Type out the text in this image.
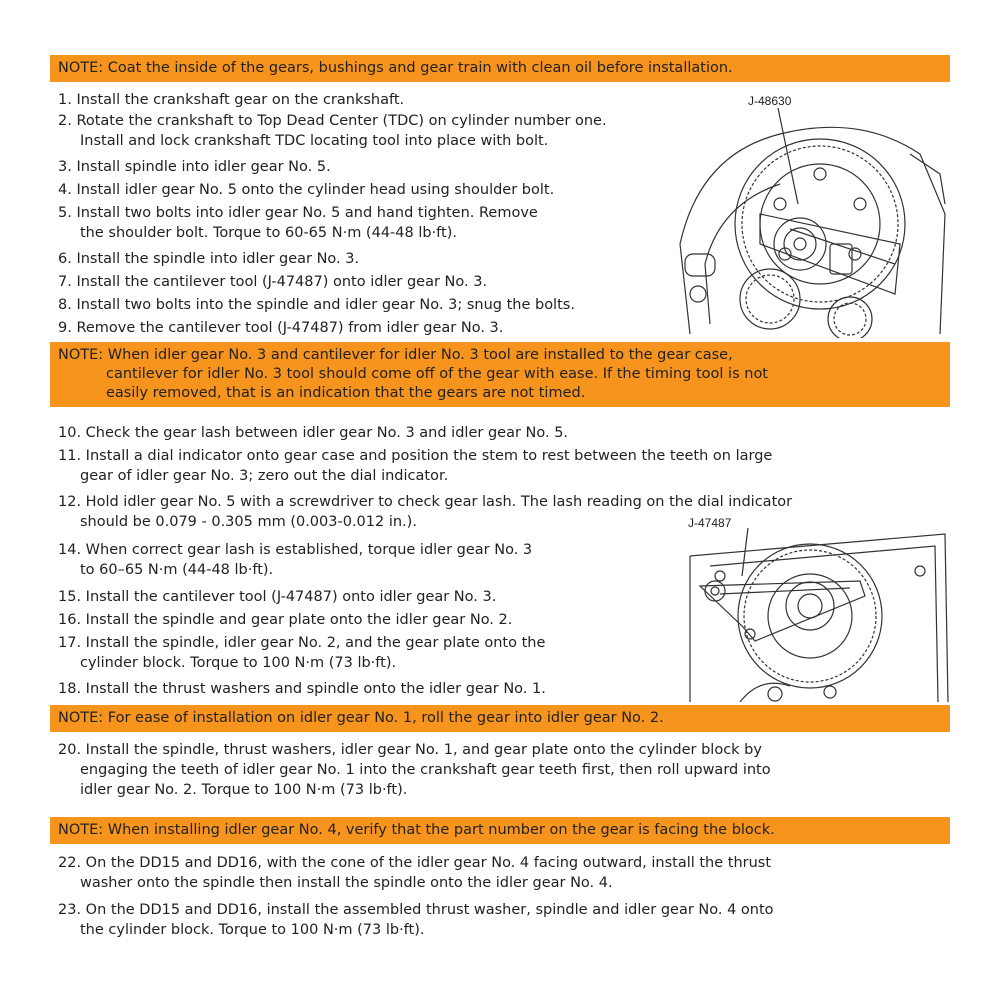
NOTE: Coat the inside of the gears, bushings and gear train with clean oil before installation.
1. Install the crankshaft gear on the crankshaft.
2. Rotate the crankshaft to Top Dead Center (TDC) on cylinder number one.
Install and lock crankshaft TDC locating tool into place with bolt.
3. Install spindle into idler gear No. 5.
4. Install idler gear No. 5 onto the cylinder head using shoulder bolt.
5. Install two bolts into idler gear No. 5 and hand tighten. Remove
the shoulder bolt. Torque to 60-65 N·m (44-48 lb·ft).
6. Install the spindle into idler gear No. 3.
7. Install the cantilever tool (J-47487) onto idler gear No. 3.
8. Install two bolts into the spindle and idler gear No. 3; snug the bolts.
9. Remove the cantilever tool (J-47487) from idler gear No. 3.
J-48630
NOTE: When idler gear No. 3 and cantilever for idler No. 3 tool are installed to the gear case,
cantilever for idler No. 3 tool should come off of the gear with ease. If the timing tool is not
easily removed, that is an indication that the gears are not timed.
10. Check the gear lash between idler gear No. 3 and idler gear No. 5.
11. Install a dial indicator onto gear case and position the stem to rest between the teeth on large
gear of idler gear No. 3; zero out the dial indicator.
12. Hold idler gear No. 5 with a screwdriver to check gear lash. The lash reading on the dial indicator
should be 0.079 - 0.305 mm (0.003-0.012 in.).
14. When correct gear lash is established, torque idler gear No. 3
to 60–65 N·m (44-48 lb·ft).
15. Install the cantilever tool (J-47487) onto idler gear No. 3.
16. Install the spindle and gear plate onto the idler gear No. 2.
17. Install the spindle, idler gear No. 2, and the gear plate onto the
cylinder block. Torque to 100 N·m (73 lb·ft).
18. Install the thrust washers and spindle onto the idler gear No. 1.
J-47487
NOTE: For ease of installation on idler gear No. 1, roll the gear into idler gear No. 2.
20. Install the spindle, thrust washers, idler gear No. 1, and gear plate onto the cylinder block by
engaging the teeth of idler gear No. 1 into the crankshaft gear teeth first, then roll upward into
idler gear No. 2. Torque to 100 N·m (73 lb·ft).
NOTE: When installing idler gear No. 4, verify that the part number on the gear is facing the block.
22. On the DD15 and DD16, with the cone of the idler gear No. 4 facing outward, install the thrust
washer onto the spindle then install the spindle onto the idler gear No. 4.
23. On the DD15 and DD16, install the assembled thrust washer, spindle and idler gear No. 4 onto
the cylinder block. Torque to 100 N·m (73 lb·ft).
